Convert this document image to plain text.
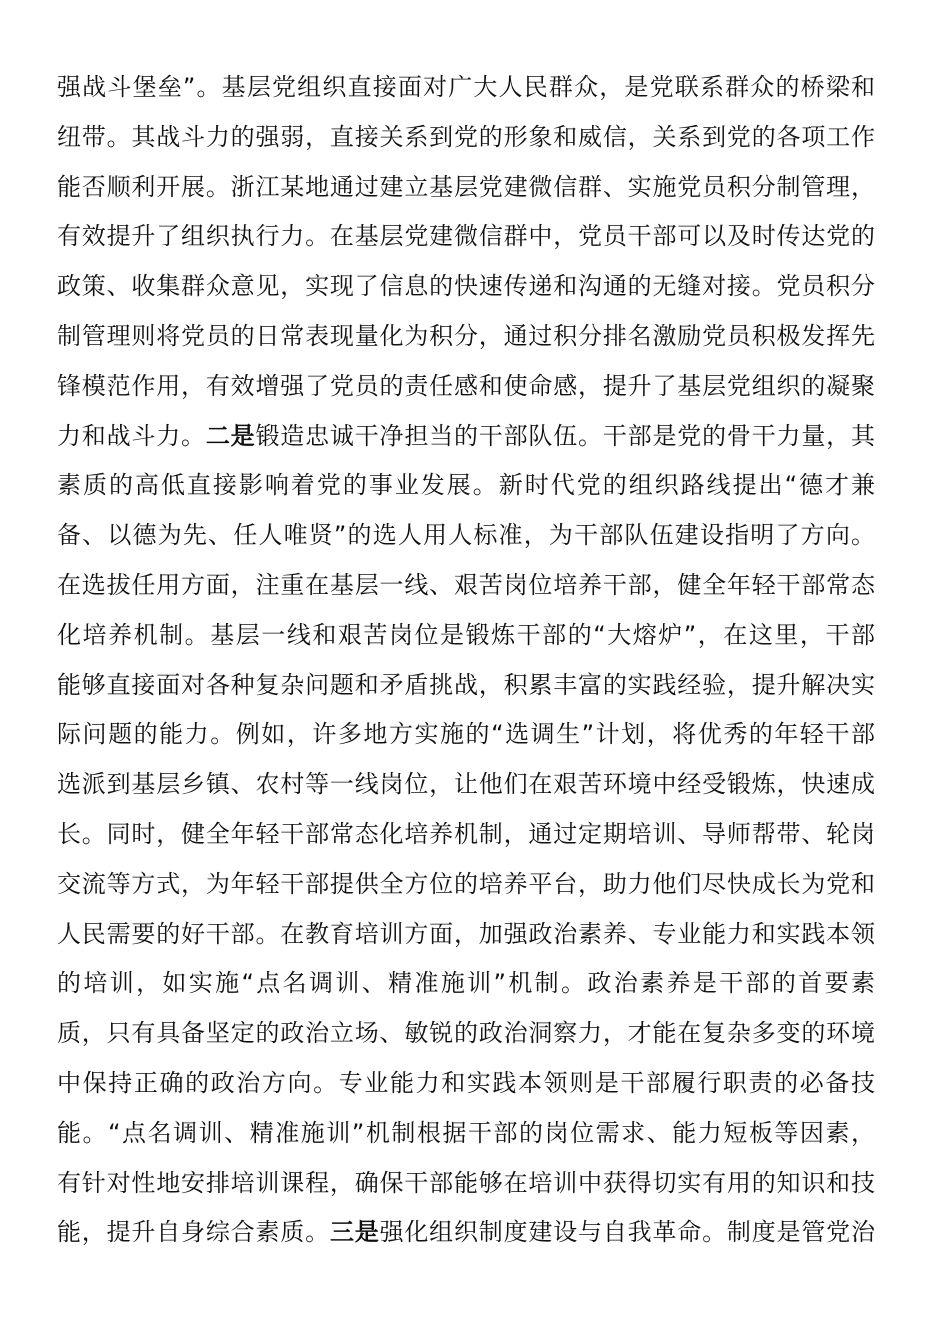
强战斗堡垒”。基层党组织直接面对广大人民群众，是党联系群众的桥梁和
纽带。其战斗力的强弱，直接关系到党的形象和威信，关系到党的各项工作
能否顺利开展。浙江某地通过建立基层党建微信群、实施党员积分制管理，
有效提升了组织执行力。在基层党建微信群中，党员干部可以及时传达党的
政策、收集群众意见，实现了信息的快速传递和沟通的无缝对接。党员积分
制管理则将党员的日常表现量化为积分，通过积分排名激励党员积极发挥先
锋模范作用，有效增强了党员的责任感和使命感，提升了基层党组织的凝聚
力和战斗力。二是锻造忠诚干净担当的干部队伍。干部是党的骨干力量，其
素质的高低直接影响着党的事业发展。新时代党的组织路线提出“德才兼
备、以德为先、任人唯贤”的选人用人标准，为干部队伍建设指明了方向。
在选拔任用方面，注重在基层一线、艰苦岗位培养干部，健全年轻干部常态
化培养机制。基层一线和艰苦岗位是锻炼干部的“大熔炉”，在这里，干部
能够直接面对各种复杂问题和矛盾挑战，积累丰富的实践经验，提升解决实
际问题的能力。例如，许多地方实施的“选调生”计划，将优秀的年轻干部
选派到基层乡镇、农村等一线岗位，让他们在艰苦环境中经受锻炼，快速成
长。同时，健全年轻干部常态化培养机制，通过定期培训、导师帮带、轮岗
交流等方式，为年轻干部提供全方位的培养平台，助力他们尽快成长为党和
人民需要的好干部。在教育培训方面，加强政治素养、专业能力和实践本领
的培训，如实施“点名调训、精准施训”机制。政治素养是干部的首要素
质，只有具备坚定的政治立场、敏锐的政治洞察力，才能在复杂多变的环境
中保持正确的政治方向。专业能力和实践本领则是干部履行职责的必备技
能。“点名调训、精准施训”机制根据干部的岗位需求、能力短板等因素，
有针对性地安排培训课程，确保干部能够在培训中获得切实有用的知识和技
能，提升自身综合素质。三是强化组织制度建设与自我革命。制度是管党治
